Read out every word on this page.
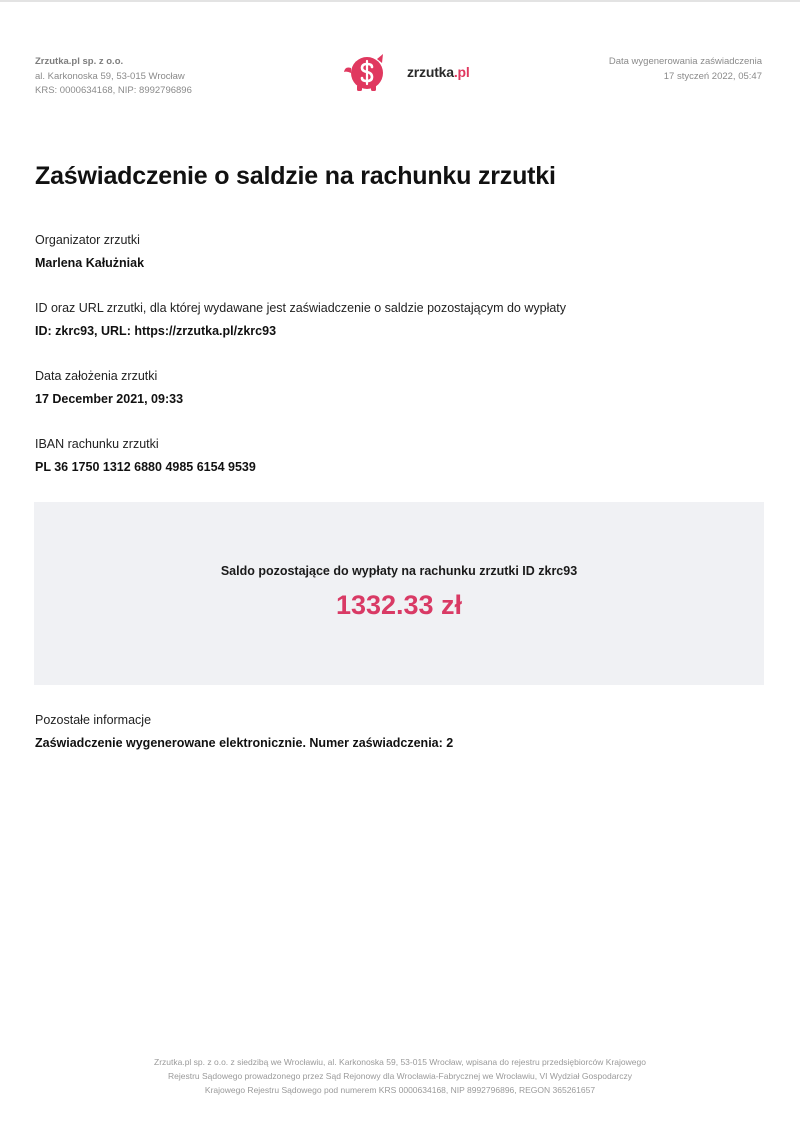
Zrzutka.pl sp. z o.o.
al. Karkonoska 59, 53-015 Wrocław
KRS: 0000634168, NIP: 8992796896
zrzutka.pl
Data wygenerowania zaświadczenia
17 styczeń 2022, 05:47
Zaświadczenie o saldzie na rachunku zrzutki
Organizator zrzutki
Marlena Kałużniak
ID oraz URL zrzutki, dla której wydawane jest zaświadczenie o saldzie pozostającym do wypłaty
ID: zkrc93, URL: https://zrzutka.pl/zkrc93
Data założenia zrzutki
17 December 2021, 09:33
IBAN rachunku zrzutki
PL 36 1750 1312 6880 4985 6154 9539
Saldo pozostające do wypłaty na rachunku zrzutki ID zkrc93
1332.33 zł
Pozostałe informacje
Zaświadczenie wygenerowane elektronicznie. Numer zaświadczenia: 2
Zrzutka.pl sp. z o.o. z siedzibą we Wrocławiu, al. Karkonoska 59, 53-015 Wrocław, wpisana do rejestru przedsiębiorców Krajowego
Rejestru Sądowego prowadzonego przez Sąd Rejonowy dla Wrocławia-Fabrycznej we Wrocławiu, VI Wydział Gospodarczy
Krajowego Rejestru Sądowego pod numerem KRS 0000634168, NIP 8992796896, REGON 365261657
